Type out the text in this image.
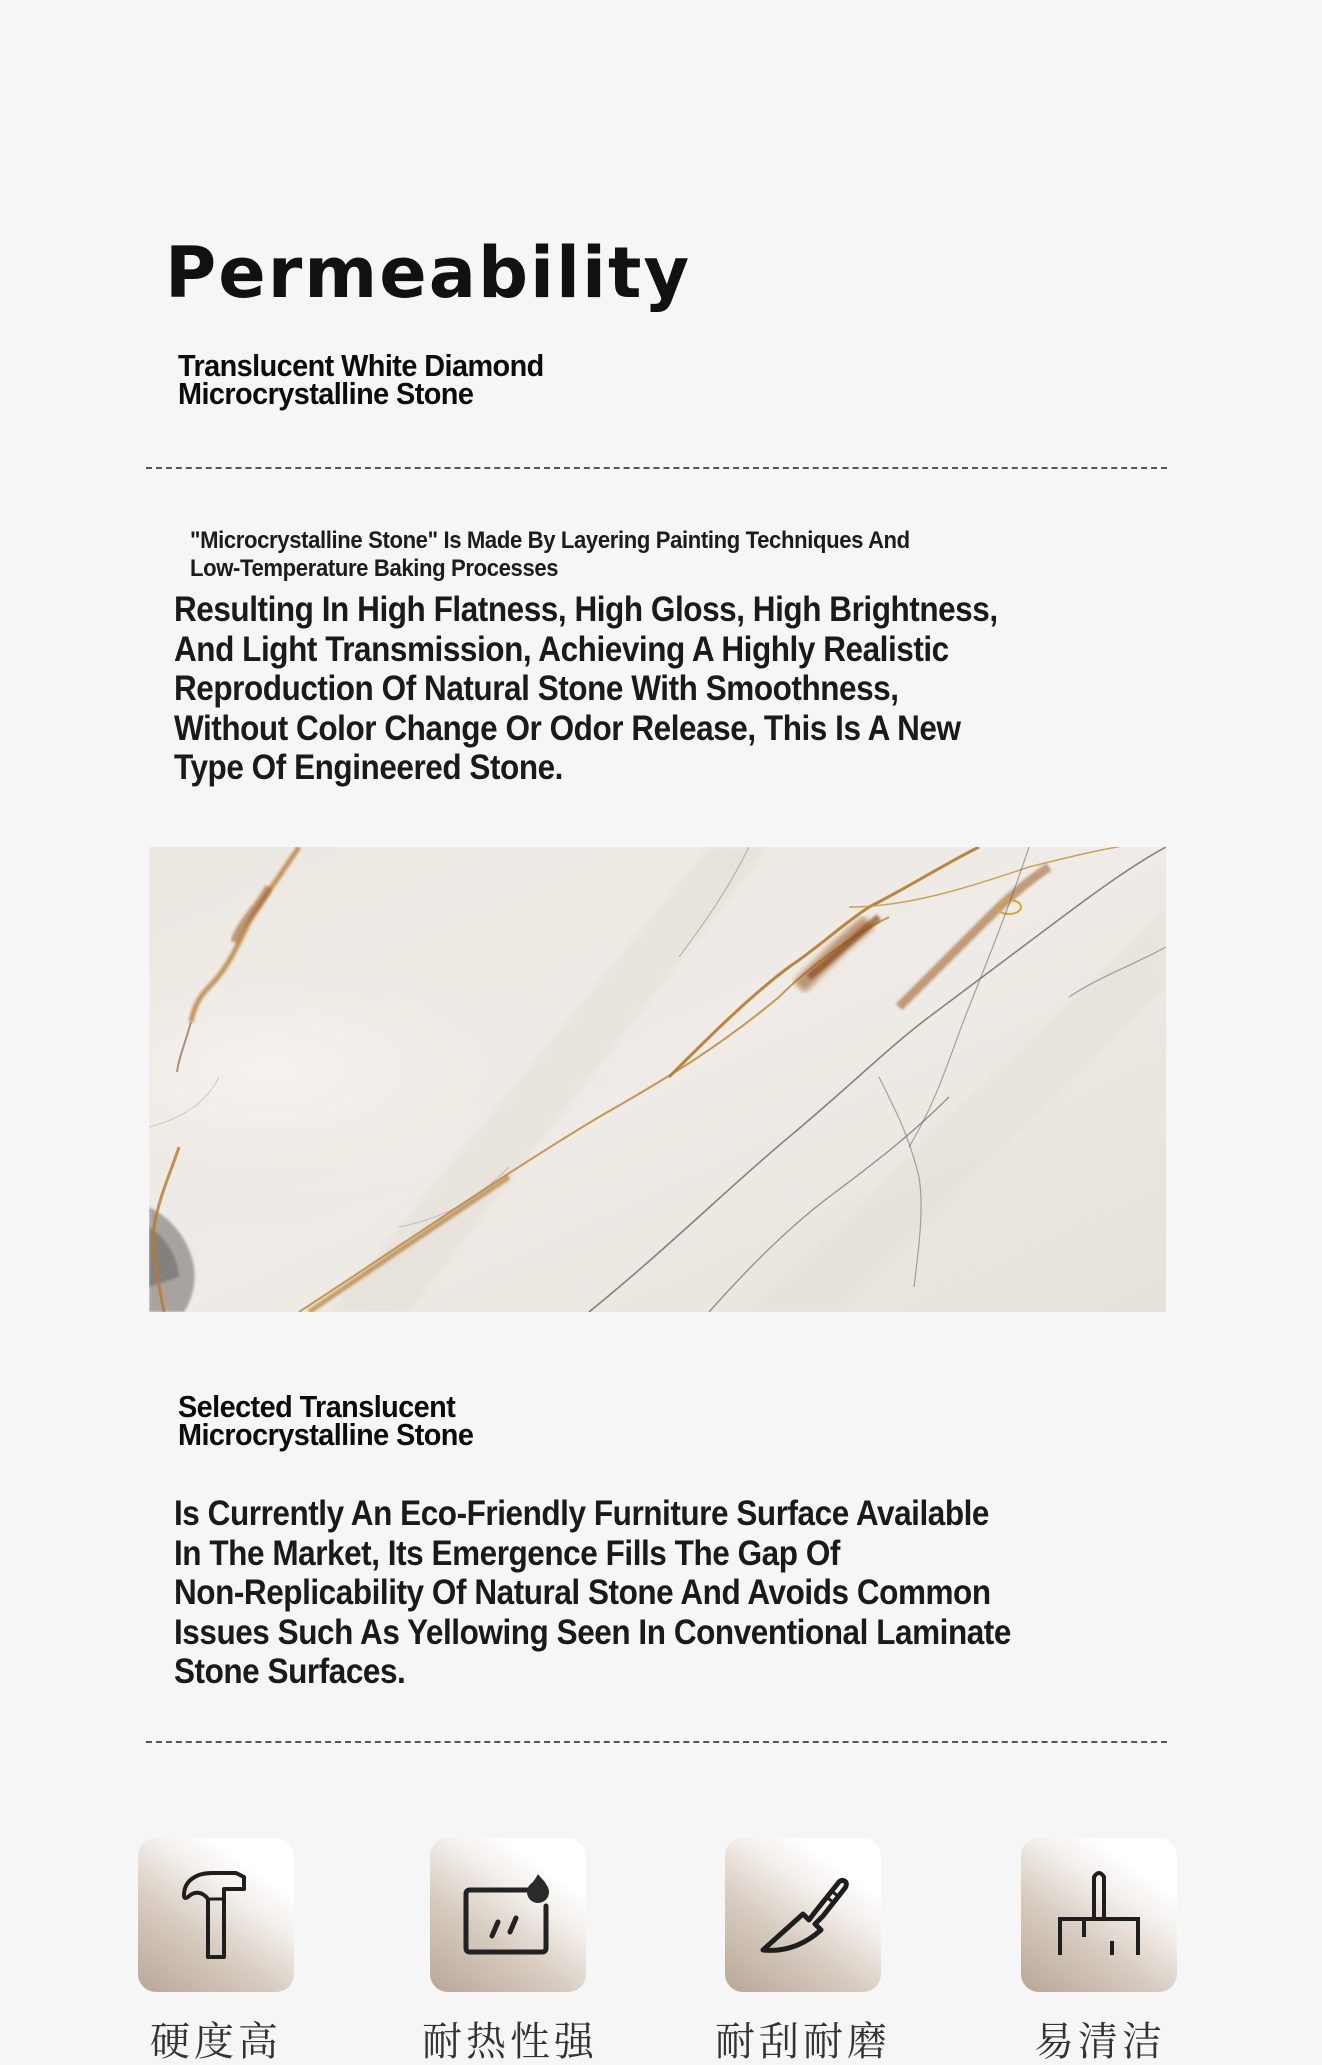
Permeability
Translucent White Diamond
Microcrystalline Stone
"Microcrystalline Stone" Is Made By Layering Painting Techniques And
Low-Temperature Baking Processes
Resulting In High Flatness, High Gloss, High Brightness,
And Light Transmission, Achieving A Highly Realistic
Reproduction Of Natural Stone With Smoothness,
Without Color Change Or Odor Release, This Is A New
Type Of Engineered Stone.
Selected Translucent
Microcrystalline Stone
Is Currently An Eco-Friendly Furniture Surface Available
In The Market, Its Emergence Fills The Gap Of
Non-Replicability Of Natural Stone And Avoids Common
Issues Such As Yellowing Seen In Conventional Laminate
Stone Surfaces.
硬度高	耐热性强	耐刮耐磨	易清洁
